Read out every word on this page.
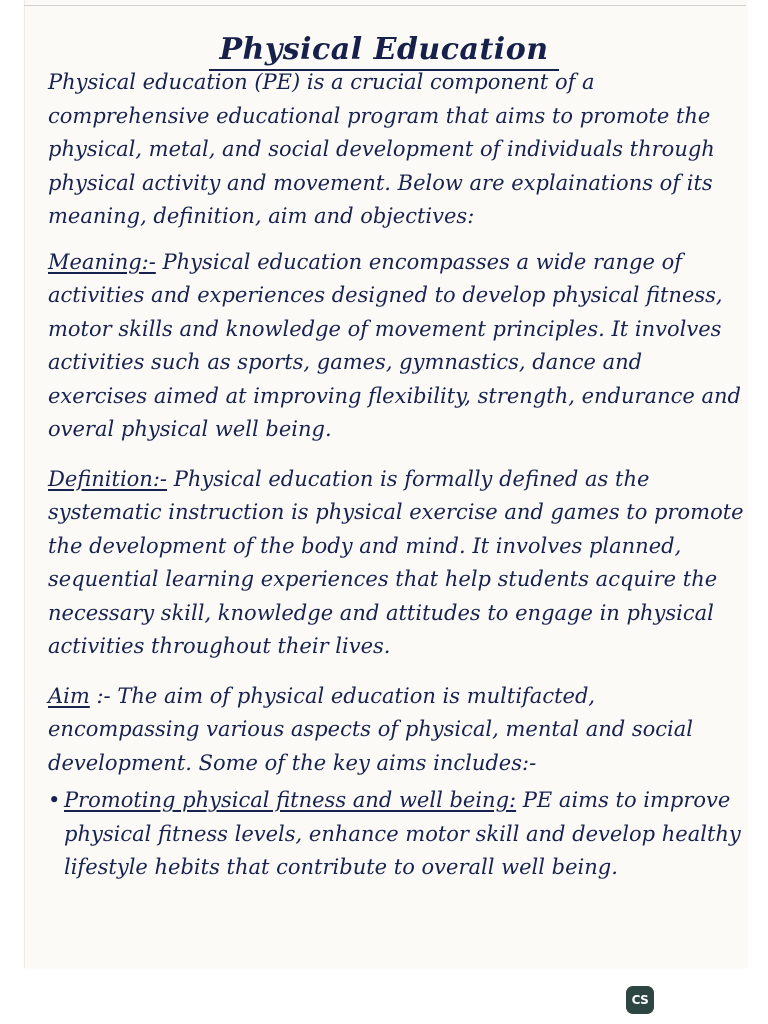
Physical Education

Physical education (PE) is a crucial component of a comprehensive educational program that aims to promote the physical, metal, and social development of individuals through physical activity and movement. Below are explainations of its meaning, definition, aim and objectives:

Meaning:- Physical education encompasses a wide range of activities and experiences designed to develop physical fitness, motor skills and knowledge of movement principles. It involves activities such as sports, games, gymnastics, dance and exercises aimed at improving flexibility, strength, endurance and overal physical well being.

Definition:- Physical education is formally defined as the systematic instruction is physical exercise and games to promote the development of the body and mind. It involves planned, sequential learning experiences that help students acquire the necessary skill, knowledge and attitudes to engage in physical activities throughout their lives.

Aim :- The aim of physical education is multifacted, encompassing various aspects of physical, mental and social development. Some of the key aims includes:-

• Promoting physical fitness and well being: PE aims to improve physical fitness levels, enhance motor skill and develop healthy lifestyle hebits that contribute to overall well being.
CS
